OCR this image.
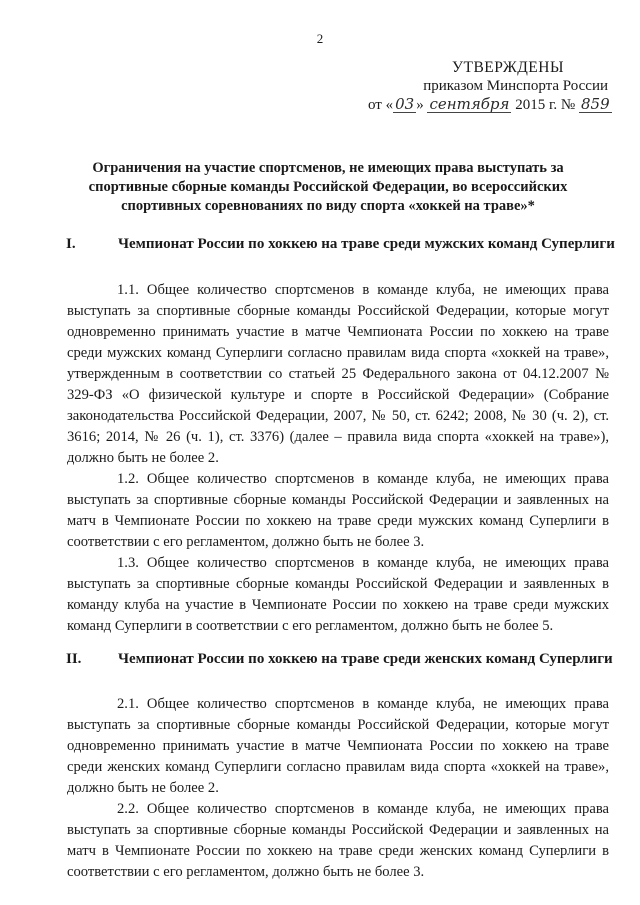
2
УТВЕРЖДЕНЫ
приказом Минспорта России
от « 03 » сентября 2015 г. № 859
Ограничения на участие спортсменов, не имеющих права выступать за спортивные сборные команды Российской Федерации, во всероссийских спортивных соревнованиях по виду спорта «хоккей на траве»*
I.	Чемпионат России по хоккею на траве среди мужских команд Суперлиги

1.1. Общее количество спортсменов в команде клуба, не имеющих права выступать за спортивные сборные команды Российской Федерации, которые могут одновременно принимать участие в матче Чемпионата России по хоккею на траве среди мужских команд Суперлиги согласно правилам вида спорта «хоккей на траве», утвержденным в соответствии со статьей 25 Федерального закона от 04.12.2007 № 329-ФЗ «О физической культуре и спорте в Российской Федерации» (Собрание законодательства Российской Федерации, 2007, № 50, ст. 6242; 2008, № 30 (ч. 2), ст. 3616; 2014, № 26 (ч. 1), ст. 3376) (далее – правила вида спорта «хоккей на траве»), должно быть не более 2.

1.2. Общее количество спортсменов в команде клуба, не имеющих права выступать за спортивные сборные команды Российской Федерации и заявленных на матч в Чемпионате России по хоккею на траве среди мужских команд Суперлиги в соответствии с его регламентом, должно быть не более 3.

1.3. Общее количество спортсменов в команде клуба, не имеющих права выступать за спортивные сборные команды Российской Федерации и заявленных в команду клуба на участие в Чемпионате России по хоккею на траве среди мужских команд Суперлиги в соответствии с его регламентом, должно быть не более 5.

II. Чемпионат России по хоккею на траве среди женских команд Суперлиги

2.1. Общее количество спортсменов в команде клуба, не имеющих права выступать за спортивные сборные команды Российской Федерации, которые могут одновременно принимать участие в матче Чемпионата России по хоккею на траве среди женских команд Суперлиги согласно правилам вида спорта «хоккей на траве», должно быть не более 2.

2.2. Общее количество спортсменов в команде клуба, не имеющих права выступать за спортивные сборные команды Российской Федерации и заявленных на матч в Чемпионате России по хоккею на траве среди женских команд Суперлиги в соответствии с его регламентом, должно быть не более 3.
